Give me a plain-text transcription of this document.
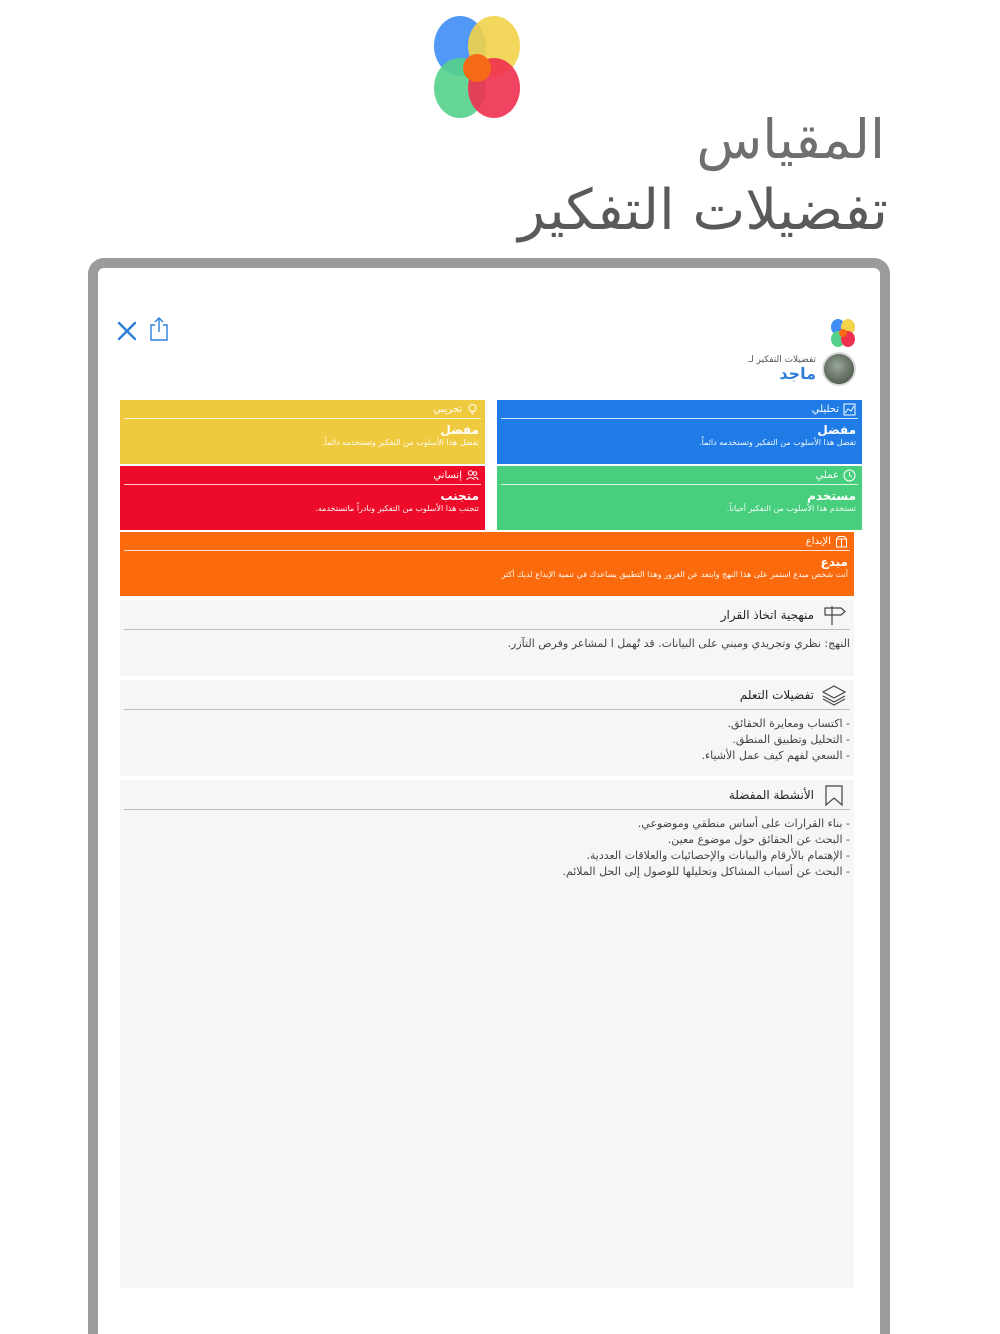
المقياس
تفضيلات التفكير
تفضيلات التفكير لـ
ماجد
تحليلي
مفضل
تفضل هذا الأسلوب من التفكير وتستخدمه دائماً.
تجريبي
مفضل
تفضل هذا الأسلوب من التفكير وتستخدمه دائماً.
عملي
مستخدم
تستخدم هذا الأسلوب من التفكير أحياناً.
إنساني
متجنب
تتجنب هذا الأسلوب من التفكير ونادراً ماتستخدمه.
الإبداع
مبدع
أنت شخص مبدع استمر على هذا النهج وابتعد عن الغرور وهذا التطبيق يساعدك في تنمية الإبداع لديك أكثر
منهجية اتخاذ القرار
النهج: نظري وتجريدي ومبني على البيانات. قد تُهمل ا لمشاعر وفرص التآزر.
تفضيلات التعلم
- اكتساب ومعايرة الحقائق.
- التحليل وتطبيق المنطق.
- السعي لفهم كيف عمل الأشياء.
الأنشطة المفضلة
- بناء القرارات على أساس منطقي وموضوعي.
- البحث عن الحقائق حول موضوع معين.
- الإهتمام بالأرقام والبيانات والإحصائيات والعلاقات العددية.
- البحث عن أسباب المشاكل وتحليلها للوصول إلى الحل الملائم.
